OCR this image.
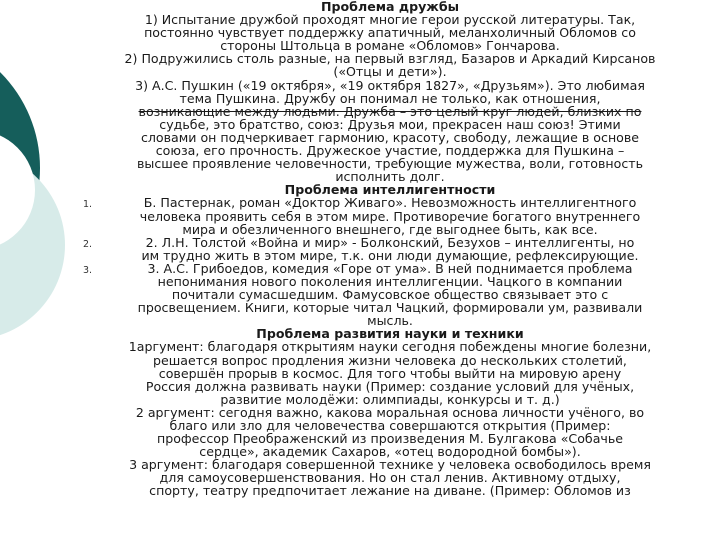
Проблема дружбы
1) Испытание дружбой проходят многие герои русской литературы. Так,
постоянно чувствует поддержку апатичный, меланхоличный Обломов со
стороны Штольца в романе «Обломов» Гончарова.
2) Подружились столь разные, на первый взгляд, Базаров и Аркадий Кирсанов
(«Отцы и дети»).
3) А.С. Пушкин («19 октября», «19 октября 1827», «Друзьям»). Это любимая
тема Пушкина. Дружбу он понимал не только, как отношения,
возникающие между людьми. Дружба – это целый круг людей, близких по
судьбе, это братство, союз: Друзья мои, прекрасен наш союз! Этими
словами он подчеркивает гармонию, красоту, свободу, лежащие в основе
союза, его прочность. Дружеское участие, поддержка для Пушкина –
высшее проявление человечности, требующие мужества, воли, готовность
исполнить долг.
Проблема интеллигентности
1.	Б. Пастернак, роман «Доктор Живаго». Невозможность интеллигентного
человека проявить себя в этом мире. Противоречие богатого внутреннего
мира и обезличенного внешнего, где выгоднее быть, как все.
2.	2. Л.Н. Толстой «Война и мир» - Болконский, Безухов – интеллигенты, но
им трудно жить в этом мире, т.к. они люди думающие, рефлексирующие.
3.	3. А.С. Грибоедов, комедия «Горе от ума». В ней поднимается проблема
непонимания нового поколения интеллигенции. Чацкого в компании
почитали сумасшедшим. Фамусовское общество связывает это с
просвещением. Книги, которые читал Чацкий, формировали ум, развивали
мысль.
Проблема развития науки и техники
1аргумент: благодаря открытиям науки сегодня побеждены многие болезни,
решается вопрос продления жизни человека до нескольких столетий,
совершён прорыв в космос. Для того чтобы выйти на мировую арену
Россия должна развивать науки (Пример: создание условий для учёных,
развитие молодёжи: олимпиады, конкурсы и т. д.)
2 аргумент: сегодня важно, какова моральная основа личности учёного, во
благо или зло для человечества совершаются открытия (Пример:
профессор Преображенский из произведения М. Булгакова «Собачье
сердце», академик Сахаров, «отец водородной бомбы»).
3 аргумент: благодаря совершенной технике у человека освободилось время
для самоусовершенствования. Но он стал ленив. Активному отдыху,
спорту, театру предпочитает лежание на диване. (Пример: Обломов из
